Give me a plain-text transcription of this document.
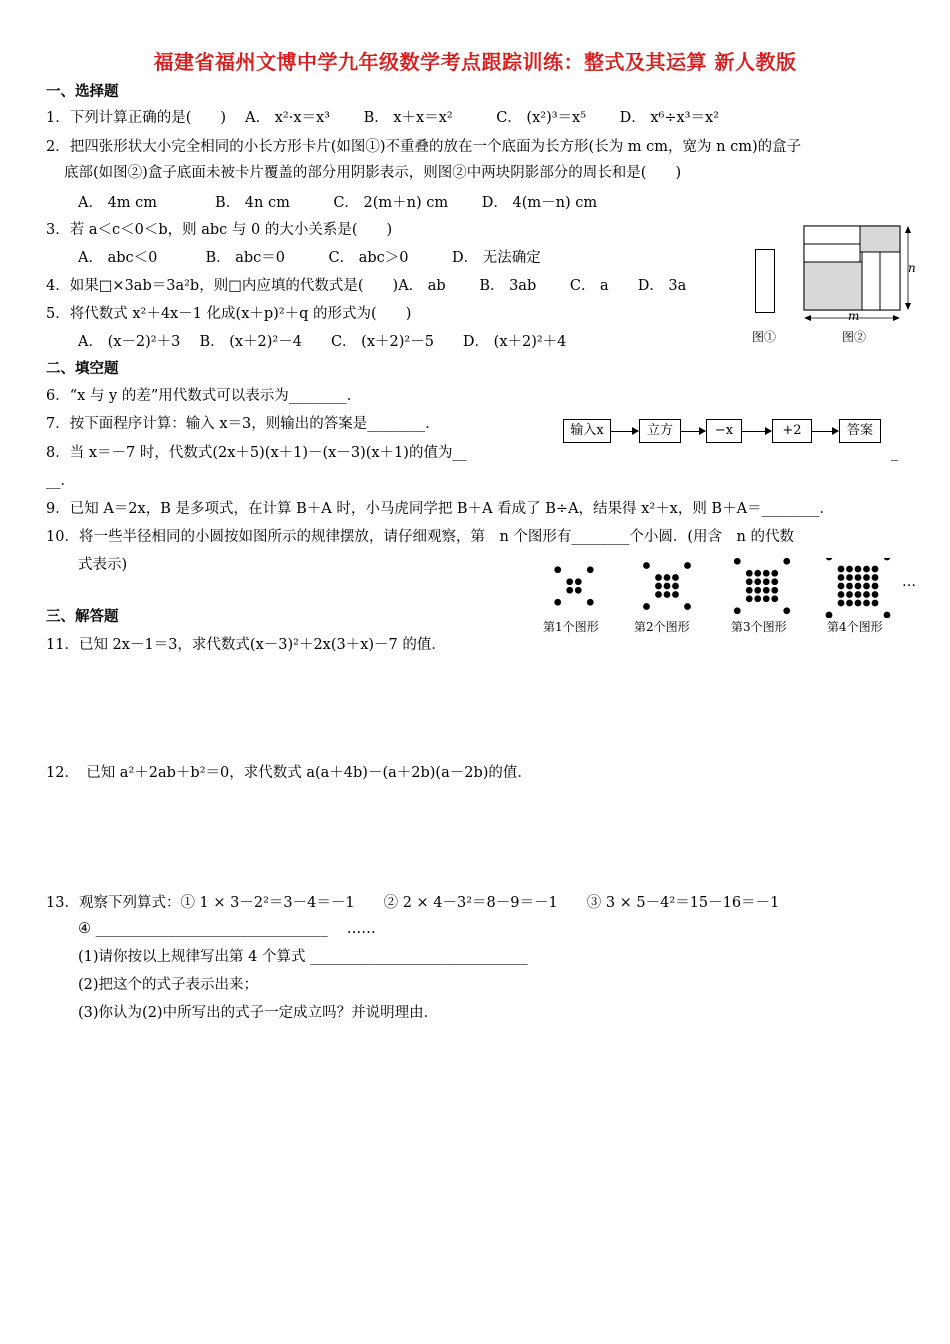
福建省福州文博中学九年级数学考点跟踪训练：整式及其运算 新人教版
一、选择题
1．下列计算正确的是(　　)　 A． x²·x＝x³　　 B． x＋x＝x²　　　C． (x²)³＝x⁵　　 D． x⁶÷x³＝x²
2．把四张形状大小完全相同的小长方形卡片(如图①)不重叠的放在一个底面为长方形(长为 m cm，宽为 n cm)的盒子
底部(如图②)盒子底面未被卡片覆盖的部分用阴影表示，则图②中两块阴影部分的周长和是(　　)
A． 4m cm　　　　B． 4n cm　　　C． 2(m＋n) cm　　 D． 4(m－n) cm
3．若 a＜c＜0＜b，则 abc 与 0 的大小关系是(　　)
A． abc＜0　　　 B． abc＝0　　　C． abc＞0　　　D． 无法确定
4．如果□×3ab＝3a²b，则□内应填的代数式是(　　)A． ab　　 B． 3ab　　 C． a　　D． 3a
5．将代数式 x²＋4x－1 化成(x＋p)²＋q 的形式为(　　)
A． (x－2)²＋3　 B． (x＋2)²－4　　C． (x＋2)²－5　　D． (x＋2)²＋4
二、填空题
6．“x 与 y 的差”用代数式可以表示为________．
7．按下面程序计算：输入 x＝3，则输出的答案是________．
8．当 x＝－7 时，代数式(2x＋5)(x＋1)－(x－3)(x＋1)的值为__
__．
_
9．已知 A＝2x，B 是多项式，在计算 B＋A 时，小马虎同学把 B＋A 看成了 B÷A，结果得 x²＋x，则 B＋A＝________．
10．将一些半径相同的小圆按如图所示的规律摆放，请仔细观察，第　n 个图形有________个小圆．(用含　n 的代数
式表示)
三、解答题
11．已知 2x－1＝3，求代数式(x－3)²＋2x(3＋x)－7 的值．
12．　已知 a²＋2ab＋b²＝0，求代数式 a(a＋4b)－(a＋2b)(a－2b)的值．
13．观察下列算式：① 1 × 3－2²＝3－4＝－1　　② 2 × 4－3²＝8－9＝－1　　③ 3 × 5－4²＝15－16＝－1
④ ________________________________　 ……
(1)请你按以上规律写出第 4 个算式 ______________________________
(2)把这个的式子表示出来；
(3)你认为(2)中所写出的式子一定成立吗？并说明理由．
图①
n
m
图②
输入x	立方	−x	+2	答案
第1个图形	第2个图形	第3个图形	第4个图形
…
